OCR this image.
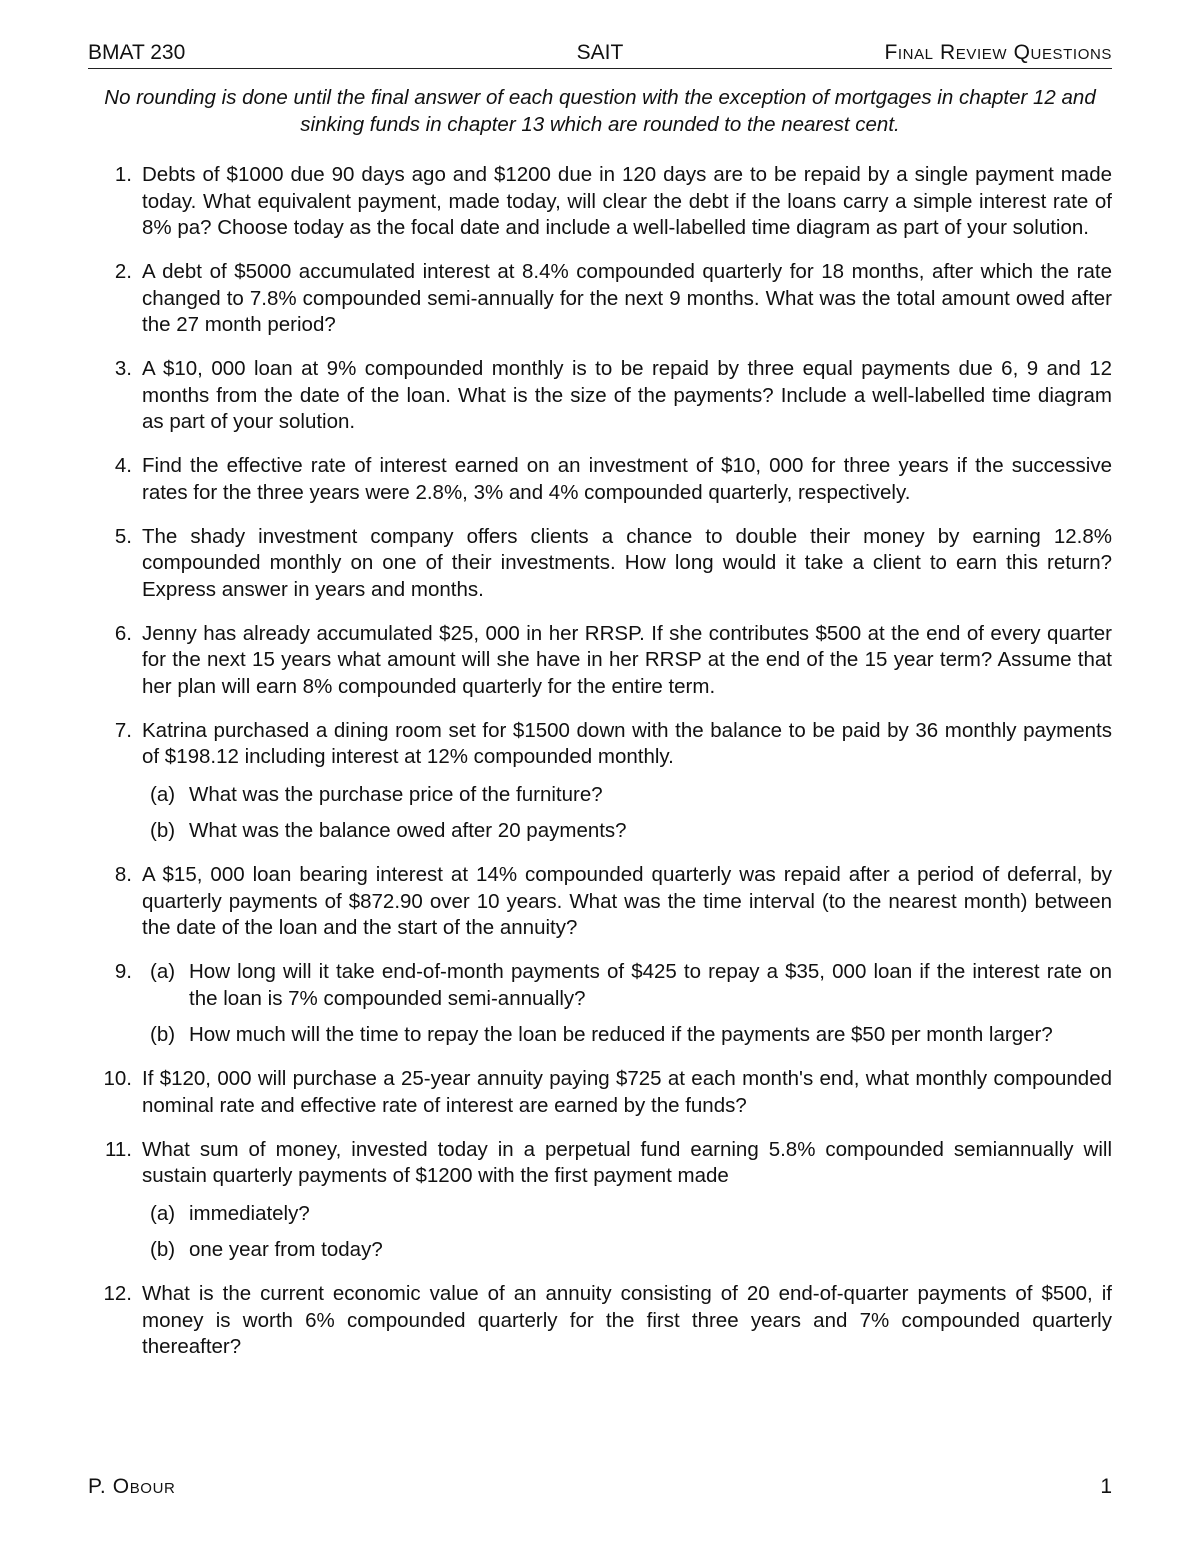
BMAT 230	SAIT	Final Review Questions
No rounding is done until the final answer of each question with the exception of mortgages in chapter 12 and sinking funds in chapter 13 which are rounded to the nearest cent.
1. Debts of $1000 due 90 days ago and $1200 due in 120 days are to be repaid by a single payment made today. What equivalent payment, made today, will clear the debt if the loans carry a simple interest rate of 8% pa? Choose today as the focal date and include a well-labelled time diagram as part of your solution.
2. A debt of $5000 accumulated interest at 8.4% compounded quarterly for 18 months, after which the rate changed to 7.8% compounded semi-annually for the next 9 months. What was the total amount owed after the 27 month period?
3. A $10, 000 loan at 9% compounded monthly is to be repaid by three equal payments due 6, 9 and 12 months from the date of the loan. What is the size of the payments? Include a well-labelled time diagram as part of your solution.
4. Find the effective rate of interest earned on an investment of $10, 000 for three years if the successive rates for the three years were 2.8%, 3% and 4% compounded quarterly, respectively.
5. The shady investment company offers clients a chance to double their money by earning 12.8% compounded monthly on one of their investments. How long would it take a client to earn this return? Express answer in years and months.
6. Jenny has already accumulated $25, 000 in her RRSP. If she contributes $500 at the end of every quarter for the next 15 years what amount will she have in her RRSP at the end of the 15 year term? Assume that her plan will earn 8% compounded quarterly for the entire term.
7. Katrina purchased a dining room set for $1500 down with the balance to be paid by 36 monthly payments of $198.12 including interest at 12% compounded monthly.
(a) What was the purchase price of the furniture?
(b) What was the balance owed after 20 payments?
8. A $15, 000 loan bearing interest at 14% compounded quarterly was repaid after a period of deferral, by quarterly payments of $872.90 over 10 years. What was the time interval (to the nearest month) between the date of the loan and the start of the annuity?
9. (a) How long will it take end-of-month payments of $425 to repay a $35, 000 loan if the interest rate on the loan is 7% compounded semi-annually?
(b) How much will the time to repay the loan be reduced if the payments are $50 per month larger?
10. If $120, 000 will purchase a 25-year annuity paying $725 at each month's end, what monthly compounded nominal rate and effective rate of interest are earned by the funds?
11. What sum of money, invested today in a perpetual fund earning 5.8% compounded semiannually will sustain quarterly payments of $1200 with the first payment made
(a) immediately?
(b) one year from today?
12. What is the current economic value of an annuity consisting of 20 end-of-quarter payments of $500, if money is worth 6% compounded quarterly for the first three years and 7% compounded quarterly thereafter?
P. Obour	1
